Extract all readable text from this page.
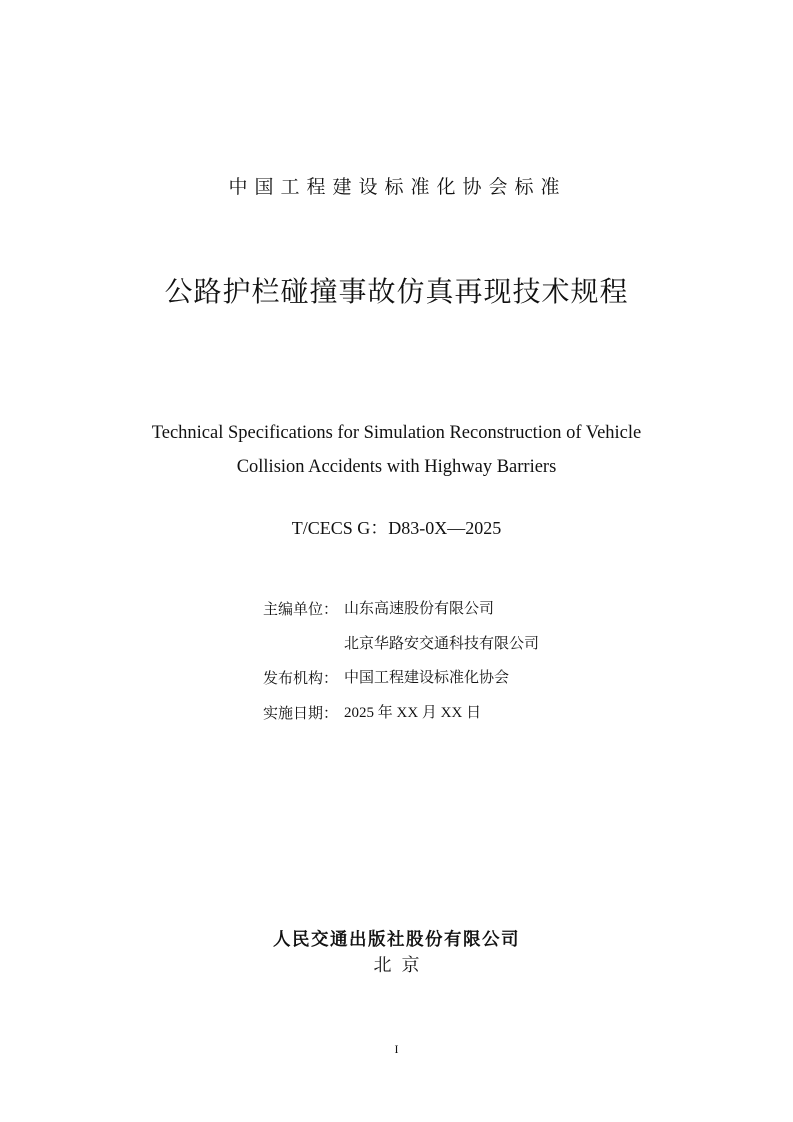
中国工程建设标准化协会标准
公路护栏碰撞事故仿真再现技术规程
Technical Specifications for Simulation Reconstruction of Vehicle
Collision Accidents with Highway Barriers
T/CECS G：D83-0X—2025
主编单位： 山东高速股份有限公司
北京华路安交通科技有限公司
发布机构： 中国工程建设标准化协会
实施日期： 2025 年 XX 月 XX 日
人民交通出版社股份有限公司
北京
I
